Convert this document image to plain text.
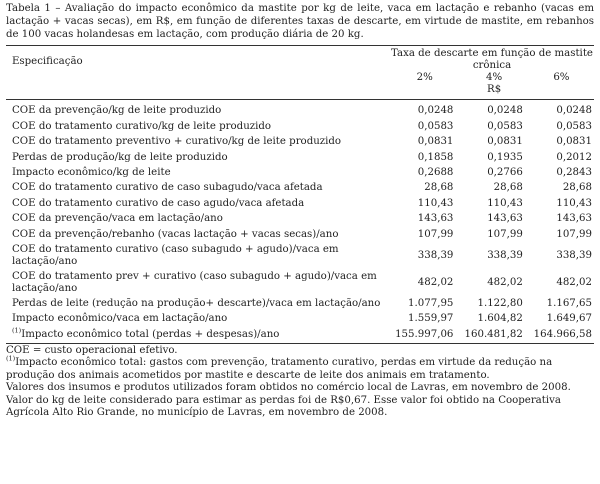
Tabela 1 – Avaliação do impacto econômico da mastite por kg de leite, vaca em lactação e rebanho (vacas em lactação + vacas secas), em R$, em função de diferentes taxas de descarte, em virtude de mastite, em rebanhos de 100 vacas holandesas em lactação, com produção diária de 20 kg.
Especificação	Taxa de descarte em função de mastite crônica		
	2%	4%	6%
		R$	

COE da prevenção/kg de leite produzido	0,0248	0,0248	0,0248
COE do tratamento curativo/kg de leite produzido	0,0583	0,0583	0,0583
COE do tratamento preventivo + curativo/kg de leite produzido	0,0831	0,0831	0,0831
Perdas de produção/kg de leite produzido	0,1858	0,1935	0,2012
Impacto econômico/kg de leite	0,2688	0,2766	0,2843
COE do tratamento curativo de caso subagudo/vaca afetada	28,68	28,68	28,68
COE do tratamento curativo de caso agudo/vaca afetada	110,43	110,43	110,43
COE da prevenção/vaca em lactação/ano	143,63	143,63	143,63
COE da prevenção/rebanho (vacas lactação + vacas secas)/ano	107,99	107,99	107,99
COE do tratamento curativo (caso subagudo + agudo)/vaca em lactação/ano	338,39	338,39	338,39
COE do tratamento prev + curativo (caso subagudo + agudo)/vaca em lactação/ano	482,02	482,02	482,02
Perdas de leite (redução na produção+ descarte)/vaca em lactação/ano	1.077,95	1.122,80	1.167,65
Impacto econômico/vaca em lactação/ano	1.559,97	1.604,82	1.649,67
$^{(1)}$Impacto econômico total (perdas + despesas)/ano	155.997,06	160.481,82	164.966,58
COE = custo operacional efetivo.
$^{(1)}$Impacto econômico total: gastos com prevenção, tratamento curativo, perdas em virtude da redução na produção dos animais acometidos por mastite e descarte de leite dos animais em tratamento.
Valores dos insumos e produtos utilizados foram obtidos no comércio local de Lavras, em novembro de 2008.
Valor do kg de leite considerado para estimar as perdas foi de R$0,67. Esse valor foi obtido na Cooperativa Agrícola Alto Rio Grande, no município de Lavras, em novembro de 2008.
